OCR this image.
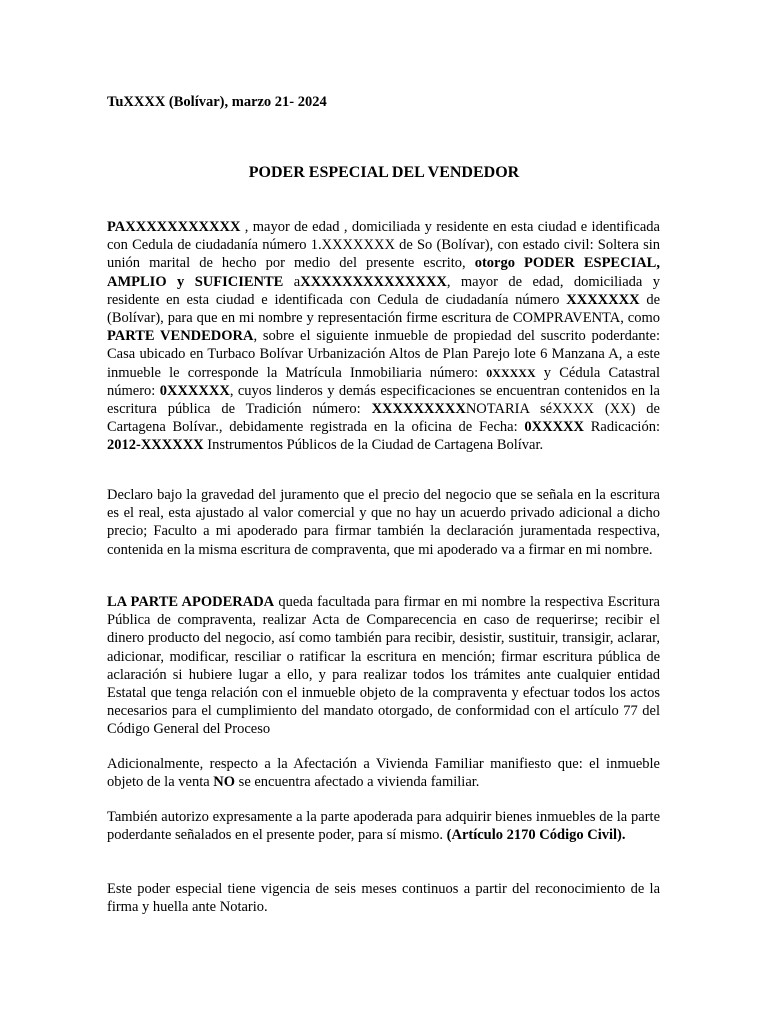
TuXXXX (Bolívar), marzo 21- 2024
PODER ESPECIAL DEL VENDEDOR

PAXXXXXXXXXXX , mayor de edad , domiciliada y residente en esta ciudad e identificada con Cedula de ciudadanía número 1.XXXXXXX de So (Bolívar), con estado civil: Soltera sin unión marital de hecho por medio del presente escrito, otorgo PODER ESPECIAL, AMPLIO y SUFICIENTE aXXXXXXXXXXXXXX, mayor de edad, domiciliada y residente en esta ciudad e identificada con Cedula de ciudadanía número XXXXXXX de (Bolívar), para que en mi nombre y representación firme escritura de COMPRAVENTA, como PARTE VENDEDORA, sobre el siguiente inmueble de propiedad del suscrito poderdante: Casa ubicado en Turbaco Bolívar Urbanización Altos de Plan Parejo lote 6 Manzana A, a este inmueble le corresponde la Matrícula Inmobiliaria número: 0XXXXX y Cédula Catastral número: 0XXXXXX, cuyos linderos y demás especificaciones se encuentran contenidos en la escritura pública de Tradición número: XXXXXXXXXNOTARIA séXXXX (XX) de Cartagena Bolívar., debidamente registrada en la oficina de Fecha: 0XXXXX Radicación: 2012-XXXXXX Instrumentos Públicos de la Ciudad de Cartagena Bolívar.

Declaro bajo la gravedad del juramento que el precio del negocio que se señala en la escritura es el real, esta ajustado al valor comercial y que no hay un acuerdo privado adicional a dicho precio; Faculto a mi apoderado para firmar también la declaración juramentada respectiva, contenida en la misma escritura de compraventa, que mi apoderado va a firmar en mi nombre.

LA PARTE APODERADA queda facultada para firmar en mi nombre la respectiva Escritura Pública de compraventa, realizar Acta de Comparecencia en caso de requerirse; recibir el dinero producto del negocio, así como también para recibir, desistir, sustituir, transigir, aclarar, adicionar, modificar, resciliar o ratificar la escritura en mención; firmar escritura pública de aclaración si hubiere lugar a ello, y para realizar todos los trámites ante cualquier entidad Estatal que tenga relación con el inmueble objeto de la compraventa y efectuar todos los actos necesarios para el cumplimiento del mandato otorgado, de conformidad con el artículo 77 del Código General del Proceso

Adicionalmente, respecto a la Afectación a Vivienda Familiar manifiesto que: el inmueble objeto de la venta NO se encuentra afectado a vivienda familiar.

También autorizo expresamente a la parte apoderada para adquirir bienes inmuebles de la parte poderdante señalados en el presente poder, para sí mismo. (Artículo 2170 Código Civil).

Este poder especial tiene vigencia de seis meses continuos a partir del reconocimiento de la firma y huella ante Notario.
